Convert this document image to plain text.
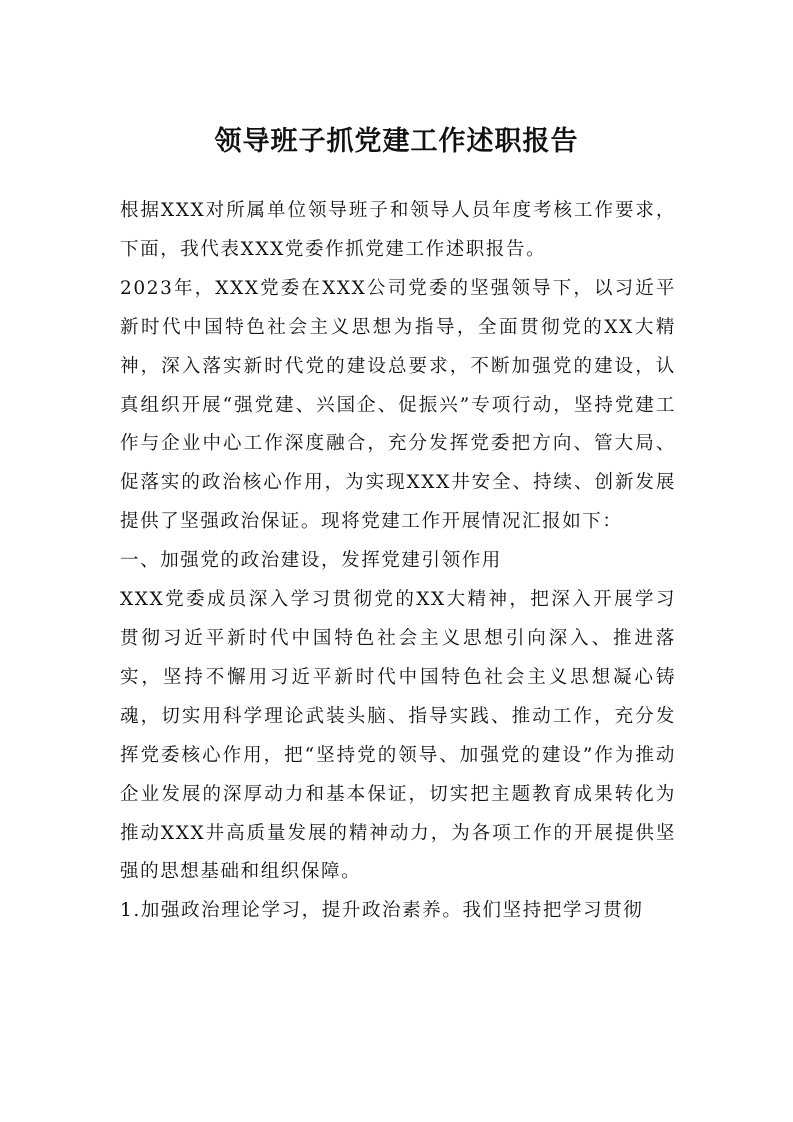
领导班子抓党建工作述职报告

根据XXX对所属单位领导班子和领导人员年度考核工作要求，下面，我代表XXX党委作抓党建工作述职报告。

2023年，XXX党委在XXX公司党委的坚强领导下，以习近平新时代中国特色社会主义思想为指导，全面贯彻党的XX大精神，深入落实新时代党的建设总要求，不断加强党的建设，认真组织开展“强党建、兴国企、促振兴”专项行动，坚持党建工作与企业中心工作深度融合，充分发挥党委把方向、管大局、促落实的政治核心作用，为实现XXX井安全、持续、创新发展提供了坚强政治保证。现将党建工作开展情况汇报如下：

一、加强党的政治建设，发挥党建引领作用

XXX党委成员深入学习贯彻党的XX大精神，把深入开展学习贯彻习近平新时代中国特色社会主义思想引向深入、推进落实，坚持不懈用习近平新时代中国特色社会主义思想凝心铸魂，切实用科学理论武装头脑、指导实践、推动工作，充分发挥党委核心作用，把“坚持党的领导、加强党的建设”作为推动企业发展的深厚动力和基本保证，切实把主题教育成果转化为推动XXX井高质量发展的精神动力，为各项工作的开展提供坚强的思想基础和组织保障。

1.加强政治理论学习，提升政治素养。我们坚持把学习贯彻
